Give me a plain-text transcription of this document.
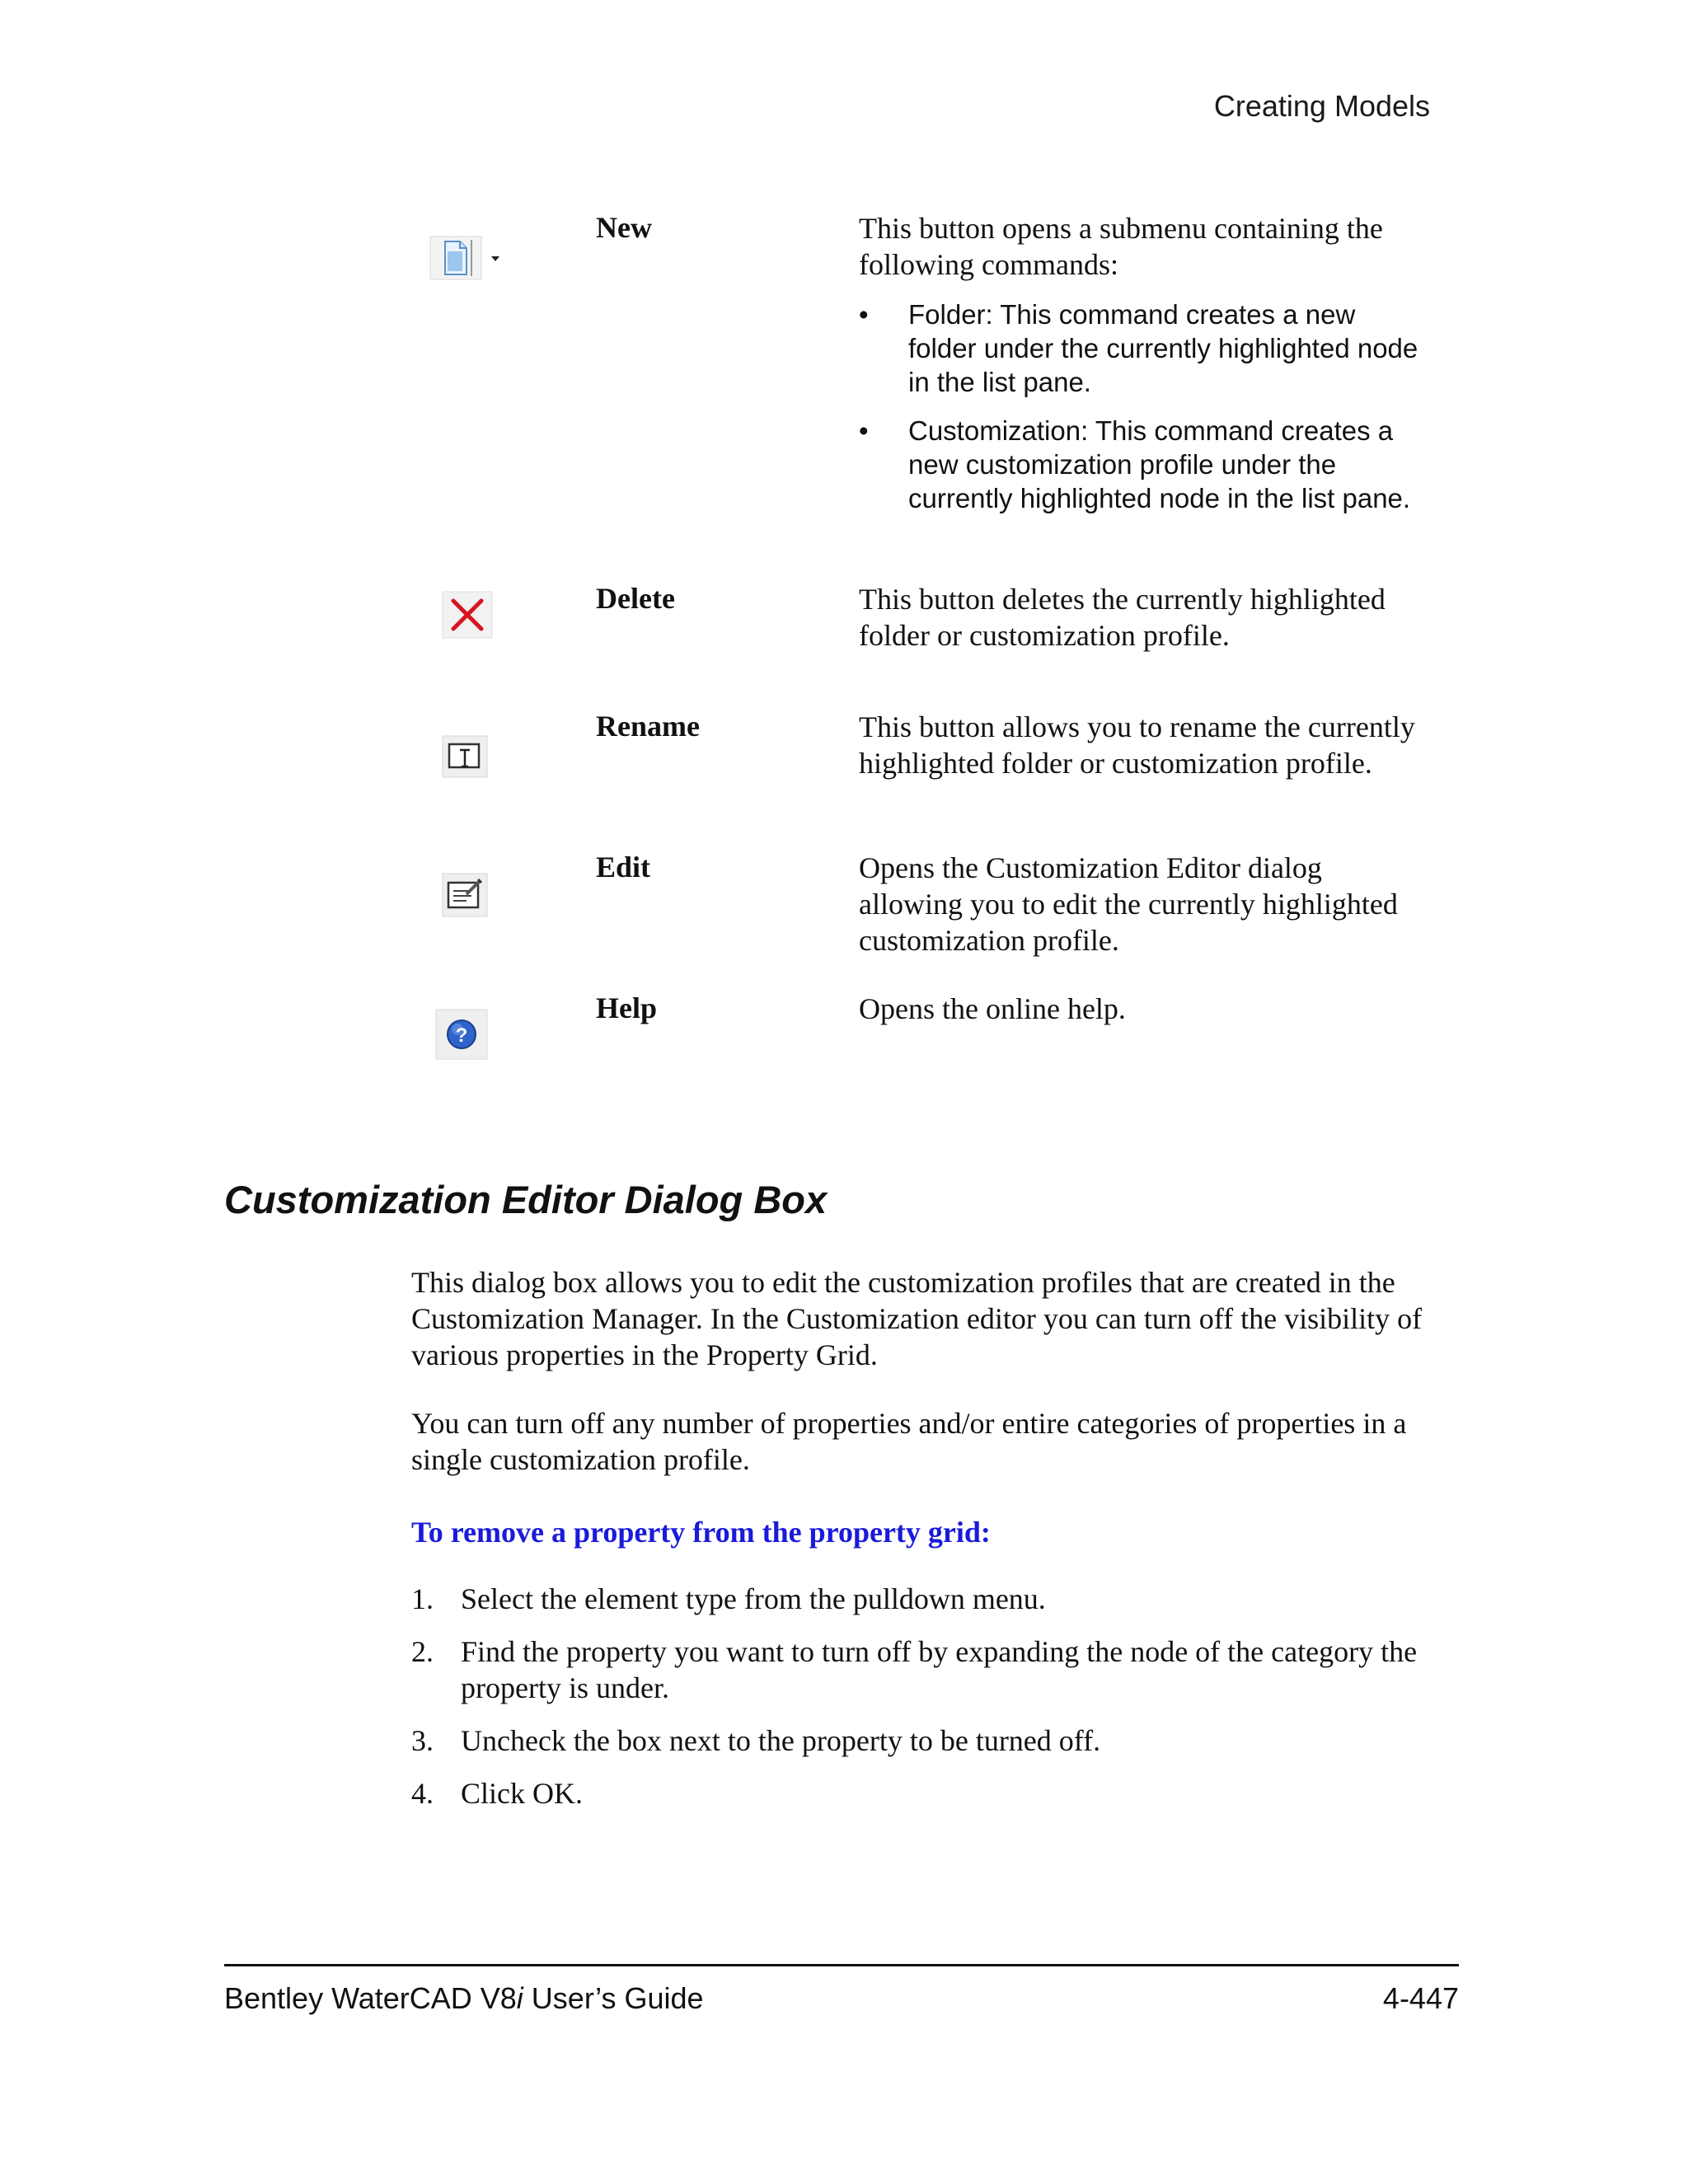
Creating Models
New	This button opens a submenu containing the following commands:
• Folder: This command creates a new folder under the currently highlighted node in the list pane.
• Customization: This command creates a new customization profile under the currently highlighted node in the list pane.
Delete	This button deletes the currently highlighted folder or customization profile.
Rename	This button allows you to rename the currently highlighted folder or customization profile.
Edit	Opens the Customization Editor dialog allowing you to edit the currently highlighted customization profile.
?
Help	Opens the online help.
Customization Editor Dialog Box
This dialog box allows you to edit the customization profiles that are created in the Customization Manager. In the Customization editor you can turn off the visibility of various properties in the Property Grid.
You can turn off any number of properties and/or entire categories of properties in a single customization profile.
To remove a property from the property grid:
1. Select the element type from the pulldown menu.
2. Find the property you want to turn off by expanding the node of the category the property is under.
3. Uncheck the box next to the property to be turned off.
4. Click OK.
Bentley WaterCAD V8i User’s Guide	4-447
